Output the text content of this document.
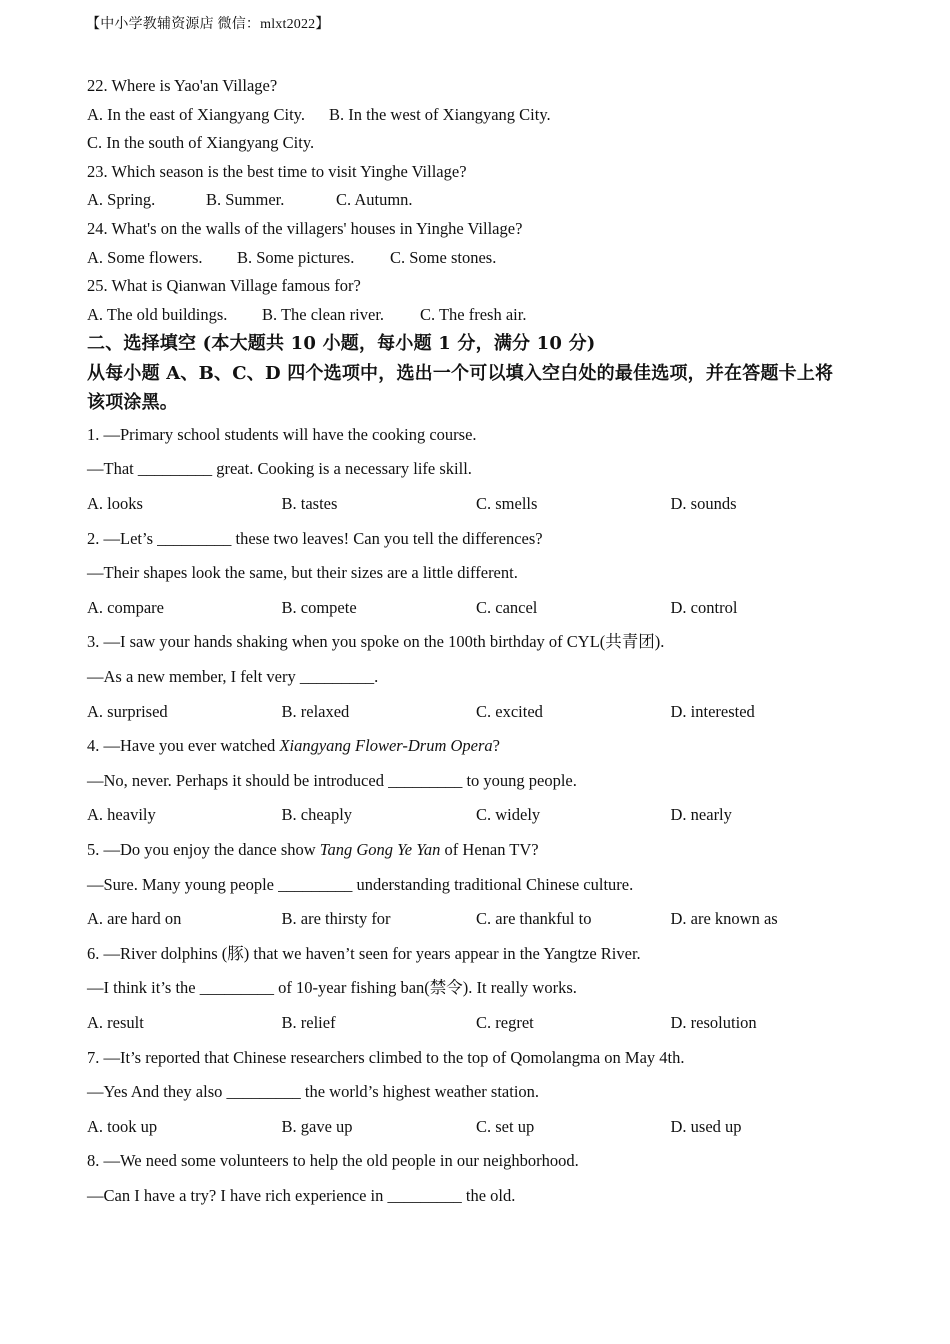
【中小学教辅资源店 微信：mlxt2022】
22. Where is Yao'an Village?
A. In the east of Xiangyang City. B. In the west of Xiangyang City.
C. In the south of Xiangyang City.
23. Which season is the best time to visit Yinghe Village?
A. Spring.	B. Summer.	C. Autumn.
24. What's on the walls of the villagers' houses in Yinghe Village?
A. Some flowers. B. Some pictures. C. Some stones.
25. What is Qianwan Village famous for?
A. The old buildings. B. The clean river. C. The fresh air.
二、选择填空 (本大题共 10 小题，每小题 1 分，满分 10 分)
从每小题 A、B、C、D 四个选项中，选出一个可以填入空白处的最佳选项，并在答题卡上将
该项涂黑。
1. —Primary school students will have the cooking course.
—That _________ great. Cooking is a necessary life skill.
A. looks	B. tastes	C. smells	D. sounds
2. —Let’s _________ these two leaves! Can you tell the differences?
—Their shapes look the same, but their sizes are a little different.
A. compare	B. compete	C. cancel	D. control
3. —I saw your hands shaking when you spoke on the 100th birthday of CYL(共青团).
—As a new member, I felt very _________.
A. surprised	B. relaxed	C. excited	D. interested
4. —Have you ever watched Xiangyang Flower-Drum Opera?
—No, never. Perhaps it should be introduced _________ to young people.
A. heavily	B. cheaply	C. widely	D. nearly
5. —Do you enjoy the dance show Tang Gong Ye Yan of Henan TV?
—Sure. Many young people _________ understanding traditional Chinese culture.
A. are hard on	B. are thirsty for	C. are thankful to	D. are known as
6. —River dolphins (豚) that we haven’t seen for years appear in the Yangtze River.
—I think it’s the _________ of 10-year fishing ban(禁令). It really works.
A. result	B. relief	C. regret	D. resolution
7. —It’s reported that Chinese researchers climbed to the top of Qomolangma on May 4th.
—Yes And they also _________ the world’s highest weather station.
A. took up	B. gave up	C. set up	D. used up
8. —We need some volunteers to help the old people in our neighborhood.
—Can I have a try? I have rich experience in _________ the old.
